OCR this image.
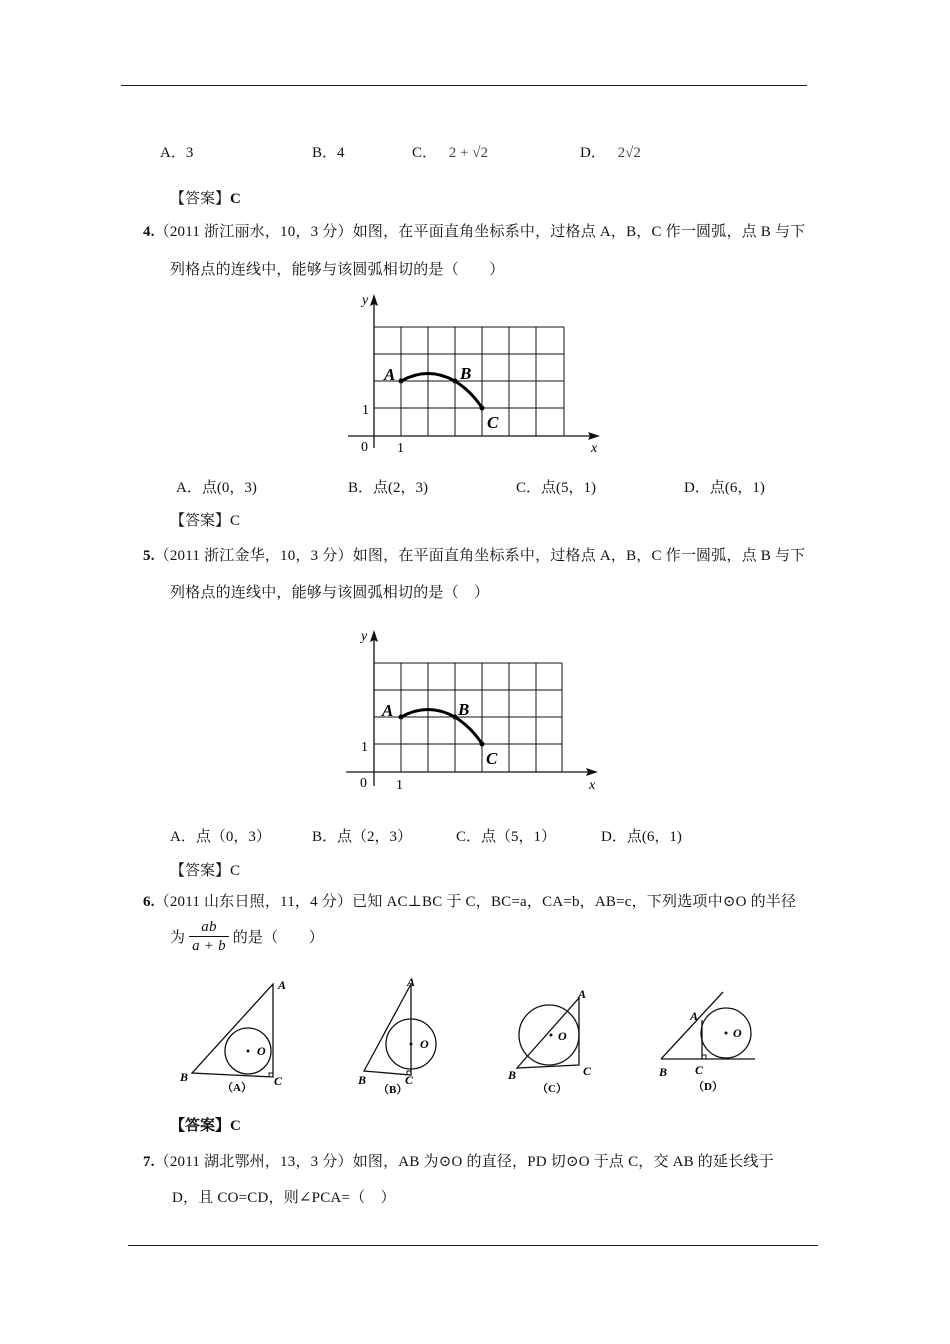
A．3	B．4	C． 2 + √2	D． 2√2
【答案】C
4.（2011 浙江丽水，10，3 分）如图，在平面直角坐标系中，过格点 A，B，C 作一圆弧，点 B 与下
列格点的连线中，能够与该圆弧相切的是（　　）
A	B
C
y
x
0 1
1
A．点(0，3)	B．点(2，3)	C．点(5，1)	D．点(6，1)
【答案】C
5.（2011 浙江金华，10，3 分）如图，在平面直角坐标系中，过格点 A，B，C 作一圆弧，点 B 与下
列格点的连线中，能够与该圆弧相切的是（　）
A	B
C
y
x
0 1
1
A．点（0，3）	B．点（2，3）	C．点（5，1）	D．点(6，1)
【答案】C
6.（2011 山东日照，11，4 分）已知 AC⊥BC 于 C，BC=a，CA=b，AB=c，下列选项中⊙O 的半径
为 $\frac{ab}{a + b}$ 的是（　　）
A
B	C
O
（A）
A
B	C
O
（B）
A
B	C
O
（C）
A
B C
O
（D）
【答案】C
7.（2011 湖北鄂州，13，3 分）如图，AB 为⊙O 的直径，PD 切⊙O 于点 C，交 AB 的延长线于
D，且 CO=CD，则∠PCA=（　）
